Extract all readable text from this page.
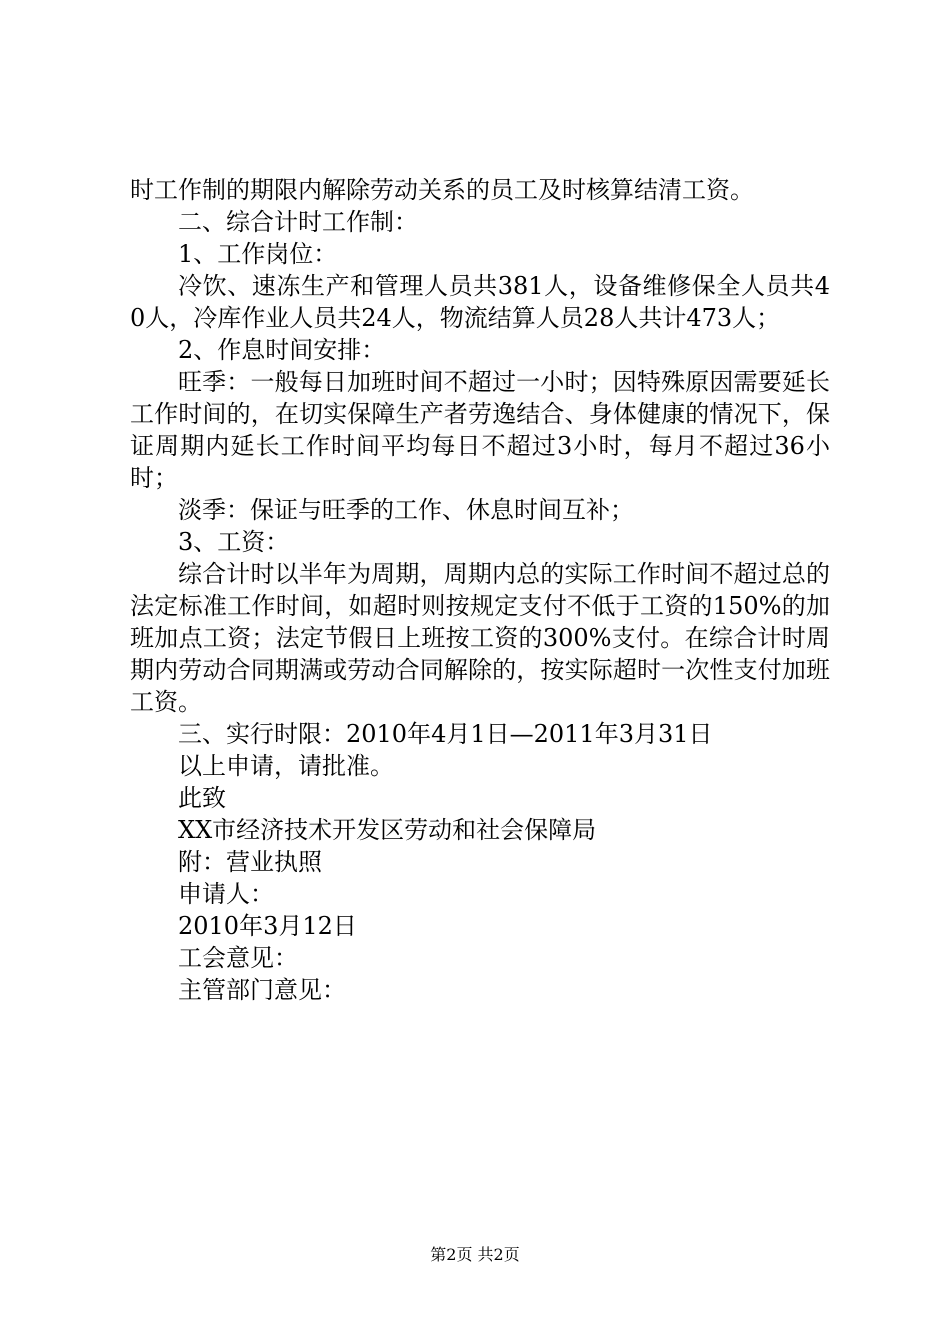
时工作制的期限内解除劳动关系的员工及时核算结清工资。
二、综合计时工作制：
1、工作岗位：
冷饮、速冻生产和管理人员共381人，设备维修保全人员共40人，冷库作业人员共24人，物流结算人员28人共计473人；
2、作息时间安排：
旺季：一般每日加班时间不超过一小时；因特殊原因需要延长工作时间的，在切实保障生产者劳逸结合、身体健康的情况下，保证周期内延长工作时间平均每日不超过3小时，每月不超过36小时；
淡季：保证与旺季的工作、休息时间互补；
3、工资：
综合计时以半年为周期，周期内总的实际工作时间不超过总的法定标准工作时间，如超时则按规定支付不低于工资的150%的加班加点工资；法定节假日上班按工资的300%支付。在综合计时周期内劳动合同期满或劳动合同解除的，按实际超时一次性支付加班工资。
三、实行时限：2010年4月1日—2011年3月31日
以上申请，请批准。
此致
XX市经济技术开发区劳动和社会保障局
附：营业执照
申请人：
2010年3月12日
工会意见：
主管部门意见：
第2页 共2页
